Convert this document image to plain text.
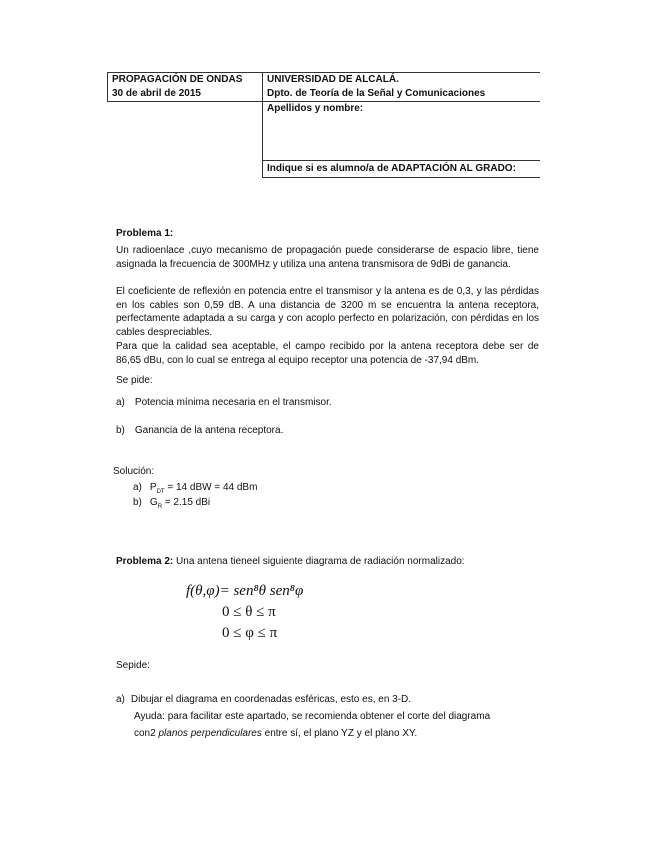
PROPAGACIÓN DE ONDAS
30 de abril de 2015
UNIVERSIDAD DE ALCALÁ.
Dpto. de Teoría de la Señal y Comunicaciones
Apellidos y nombre:
Indique si es alumno/a de ADAPTACIÓN AL GRADO:
Problema 1:
Un radioenlace ,cuyo mecanismo de propagación puede considerarse de espacio libre, tiene asignada la frecuencia de 300MHz y utiliza una antena transmisora de 9dBi de ganancia.
El coeficiente de reflexión en potencia entre el transmisor y la antena es de 0,3, y las pérdidas en los cables son 0,59 dB. A una distancia de 3200 m se encuentra la antena receptora, perfectamente adaptada a su carga y con acoplo perfecto en polarización, con pérdidas en los cables despreciables.
Para que la calidad sea aceptable, el campo recibido por la antena receptora debe ser de 86,65 dBu, con lo cual se entrega al equipo receptor una potencia de -37,94 dBm.
Se pide:
a) Potencia mínima necesaria en el transmisor.
b) Ganancia de la antena receptora.
Solución:
a) $P_{DT} = 14$ dBW = 44 dBm
b) $G_R = 2.15$ dBi
Problema 2: Una antena tieneel siguiente diagrama de radiación normalizado:
f(θ,φ)= sen⁸θ sen⁸φ
0 ≤ θ ≤ π
0 ≤ φ ≤ π
Sepide:
a) Dibujar el diagrama en coordenadas esféricas, esto es, en 3-D.
Ayuda: para facilitar este apartado, se recomienda obtener el corte del diagrama
con2 planos perpendiculares entre sí, el plano YZ y el plano XY.
